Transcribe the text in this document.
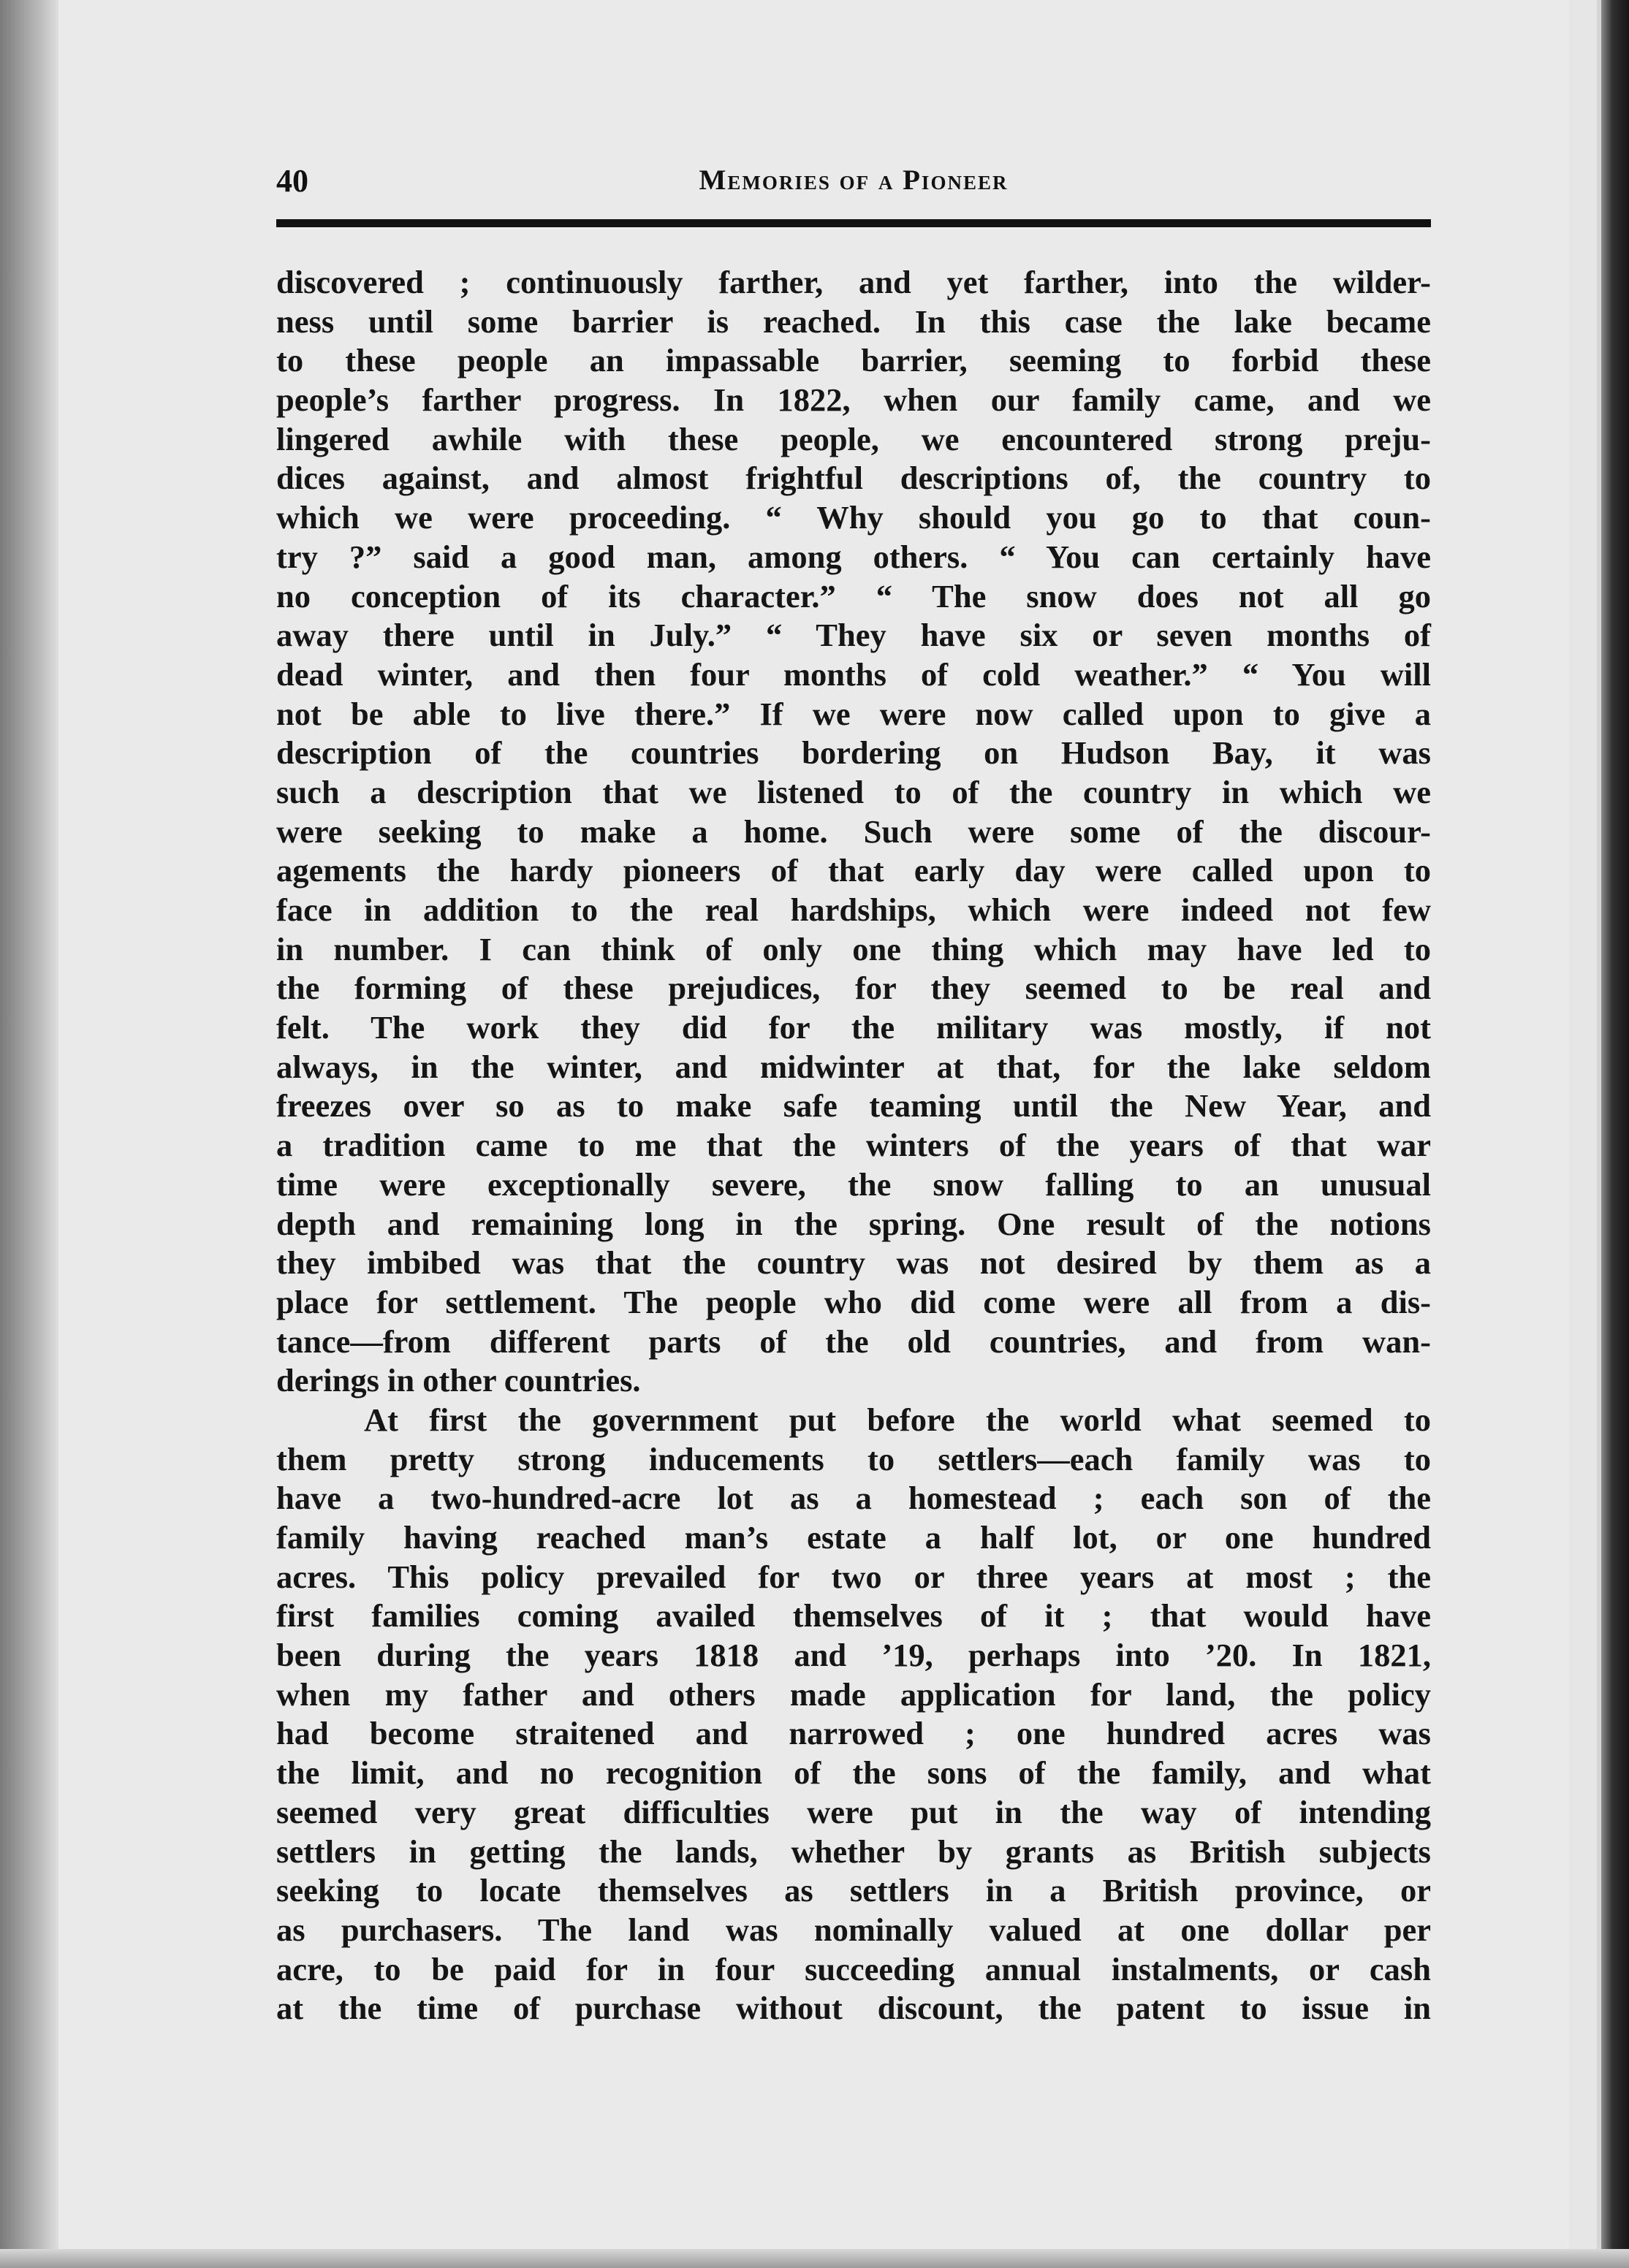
40	Memories of a Pioneer
discovered ; continuously farther, and yet farther, into the wilder-
ness until some barrier is reached. In this case the lake became
to these people an impassable barrier, seeming to forbid these
people’s farther progress. In 1822, when our family came, and we
lingered awhile with these people, we encountered strong preju-
dices against, and almost frightful descriptions of, the country to
which we were proceeding. “ Why should you go to that coun-
try ?” said a good man, among others. “ You can certainly have
no conception of its character.” “ The snow does not all go
away there until in July.” “ They have six or seven months of
dead winter, and then four months of cold weather.” “ You will
not be able to live there.” If we were now called upon to give a
description of the countries bordering on Hudson Bay, it was
such a description that we listened to of the country in which we
were seeking to make a home. Such were some of the discour-
agements the hardy pioneers of that early day were called upon to
face in addition to the real hardships, which were indeed not few
in number. I can think of only one thing which may have led to
the forming of these prejudices, for they seemed to be real and
felt. The work they did for the military was mostly, if not
always, in the winter, and midwinter at that, for the lake seldom
freezes over so as to make safe teaming until the New Year, and
a tradition came to me that the winters of the years of that war
time were exceptionally severe, the snow falling to an unusual
depth and remaining long in the spring. One result of the notions
they imbibed was that the country was not desired by them as a
place for settlement. The people who did come were all from a dis-
tance—from different parts of the old countries, and from wan-
derings in other countries.
At first the government put before the world what seemed to
them pretty strong inducements to settlers—each family was to
have a two-hundred-acre lot as a homestead ; each son of the
family having reached man’s estate a half lot, or one hundred
acres. This policy prevailed for two or three years at most ; the
first families coming availed themselves of it ; that would have
been during the years 1818 and ’19, perhaps into ’20. In 1821,
when my father and others made application for land, the policy
had become straitened and narrowed ; one hundred acres was
the limit, and no recognition of the sons of the family, and what
seemed very great difficulties were put in the way of intending
settlers in getting the lands, whether by grants as British subjects
seeking to locate themselves as settlers in a British province, or
as purchasers. The land was nominally valued at one dollar per
acre, to be paid for in four succeeding annual instalments, or cash
at the time of purchase without discount, the patent to issue in
